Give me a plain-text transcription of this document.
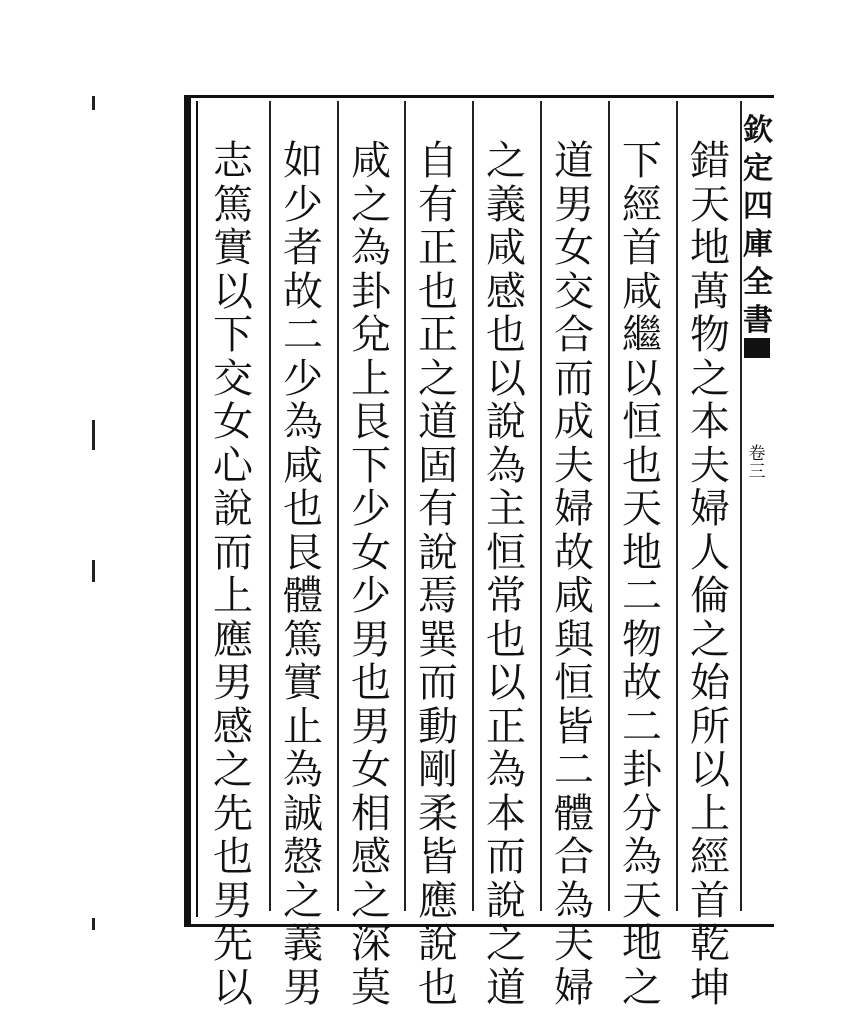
錯
天
地
萬
物
之
本
夫
婦
人
倫
之
始
所
以
上
經
首
乾
坤
下
經
首
咸
繼
以
恒
也
天
地
二
物
故
二
卦
分
為
天
地
之
道
男
女
交
合
而
成
夫
婦
故
咸
與
恒
皆
二
體
合
為
夫
婦
之
義
咸
感
也
以
說
為
主
恒
常
也
以
正
為
本
而
說
之
道
自
有
正
也
正
之
道
固
有
說
焉
巽
而
動
剛
柔
皆
應
說
也
咸
之
為
卦
兌
上
艮
下
少
女
少
男
也
男
女
相
感
之
深
莫
如
少
者
故
二
少
為
咸
也
艮
體
篤
實
止
為
誠
慤
之
義
男
志
篤
實
以
下
交
女
心
說
而
上
應
男
感
之
先
也
男
先
以
欽
定
四
庫
全
書
卷
三
